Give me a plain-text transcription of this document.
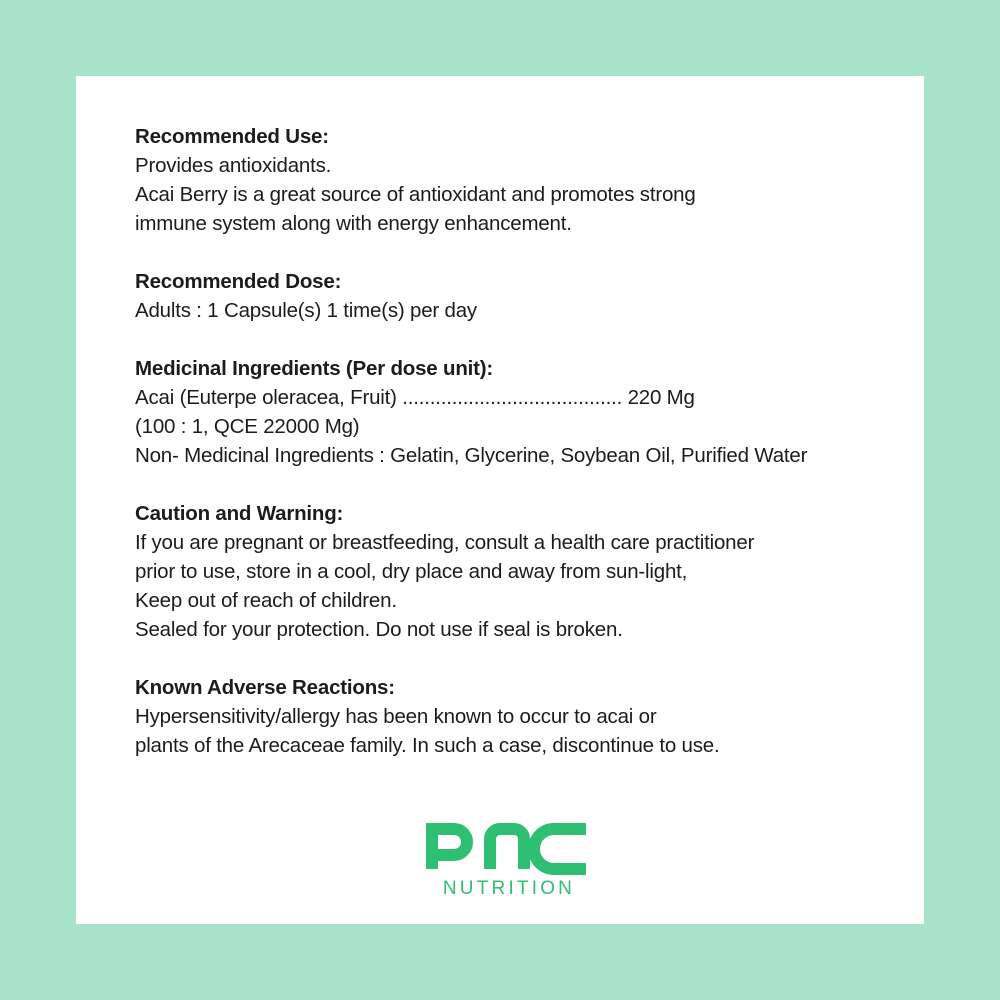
Recommended Use:
Provides antioxidants.
Acai Berry is a great source of antioxidant and promotes strong
immune system along with energy enhancement.
Recommended Dose:
Adults : 1 Capsule(s) 1 time(s) per day
Medicinal Ingredients (Per dose unit):
Acai (Euterpe oleracea, Fruit) ........................................ 220 Mg
(100 : 1, QCE 22000 Mg)
Non- Medicinal Ingredients : Gelatin, Glycerine, Soybean Oil, Purified Water
Caution and Warning:
If you are pregnant or breastfeeding, consult a health care practitioner
prior to use, store in a cool, dry place and away from sun-light,
Keep out of reach of children.
Sealed for your protection. Do not use if seal is broken.
Known Adverse Reactions:
Hypersensitivity/allergy has been known to occur to acai or
plants of the Arecaceae family. In such a case, discontinue to use.
NUTRITION
